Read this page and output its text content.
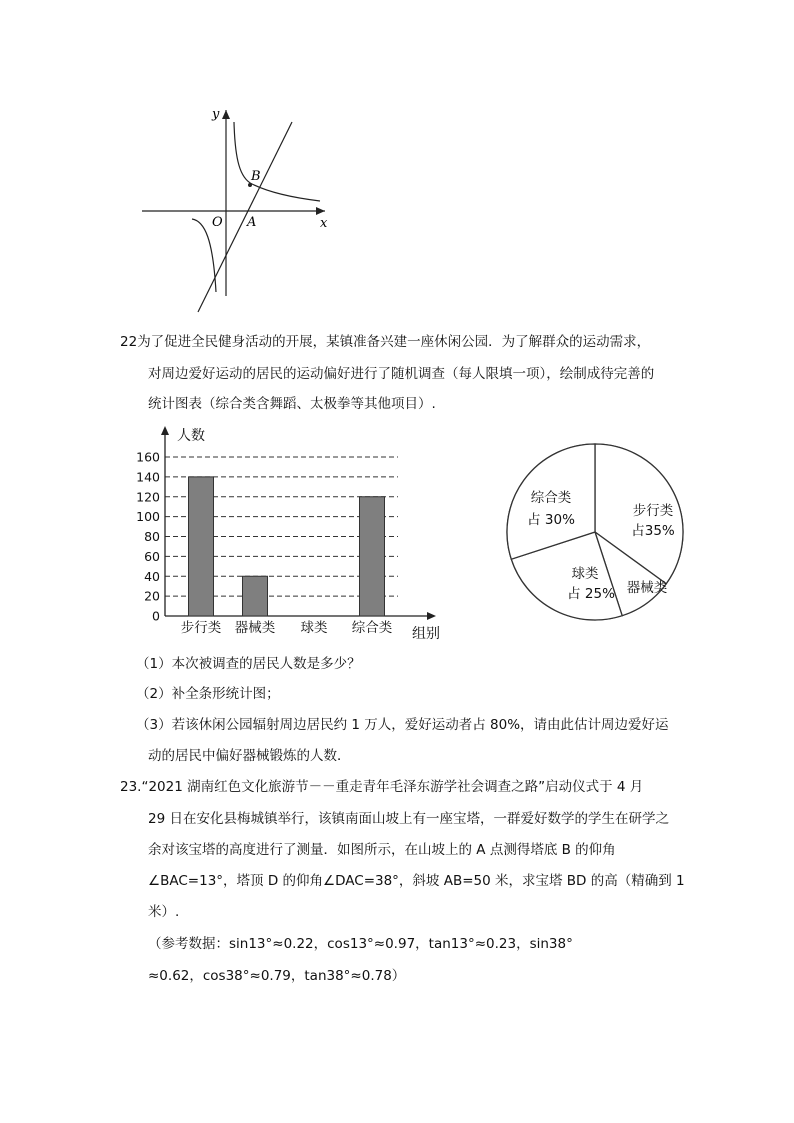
y
x
O A
B
22为了促进全民健身活动的开展，某镇准备兴建一座休闲公园．为了解群众的运动需求，
对周边爱好运动的居民的运动偏好进行了随机调查（每人限填一项），绘制成待完善的
统计图表（综合类含舞蹈、太极拳等其他项目）.
0
20
40
60
80
100
120
140
160
人数
组别
步行类 器械类 球类 综合类
步行类
占35%
器械类
球类
占 25%
综合类
占 30%
（1）本次被调查的居民人数是多少？
（2）补全条形统计图；
（3）若该休闲公园辐射周边居民约 1 万人，爱好运动者占 80%，请由此估计周边爱好运
动的居民中偏好器械锻炼的人数．
23.“2021 湖南红色文化旅游节－－重走青年毛泽东游学社会调查之路”启动仪式于 4 月
29 日在安化县梅城镇举行，该镇南面山坡上有一座宝塔，一群爱好数学的学生在研学之
余对该宝塔的高度进行了测量．如图所示，在山坡上的 A 点测得塔底 B 的仰角
∠BAC=13°，塔顶 D 的仰角∠DAC=38°，斜坡 AB=50 米，求宝塔 BD 的高（精确到 1
米）.
（参考数据：sin13°≈0.22，cos13°≈0.97，tan13°≈0.23，sin38°
≈0.62，cos38°≈0.79，tan38°≈0.78）
